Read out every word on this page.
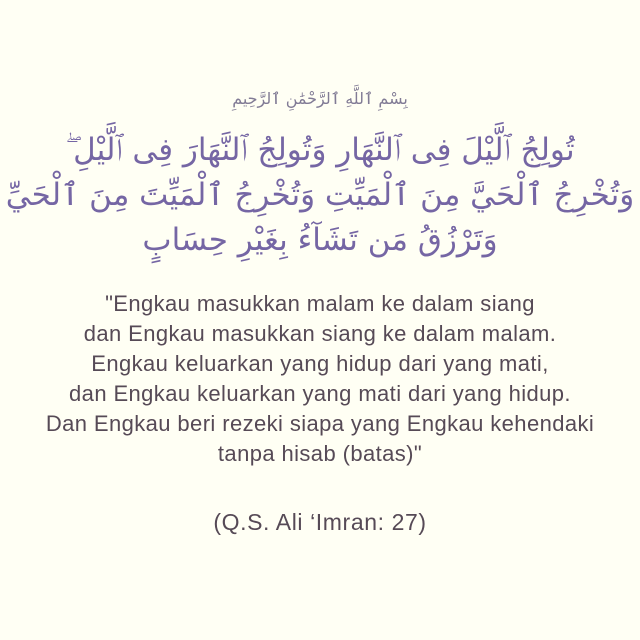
بِسْمِ ٱللَّهِ ٱلرَّحْمَٰنِ ٱلرَّحِيمِ
تُولِجُ ٱلَّيْلَ فِى ٱلنَّهَارِ وَتُولِجُ ٱلنَّهَارَ فِى ٱلَّيْلِ ۖ
وَتُخْرِجُ ٱلْحَيَّ مِنَ ٱلْمَيِّتِ وَتُخْرِجُ ٱلْمَيِّتَ مِنَ ٱلْحَيِّ
وَتَرْزُقُ مَن تَشَآءُ بِغَيْرِ حِسَابٍ
"Engkau masukkan malam ke dalam siang
dan Engkau masukkan siang ke dalam malam.
Engkau keluarkan yang hidup dari yang mati,
dan Engkau keluarkan yang mati dari yang hidup.
Dan Engkau beri rezeki siapa yang Engkau kehendaki
tanpa hisab (batas)"
(Q.S. Ali ‘Imran: 27)
